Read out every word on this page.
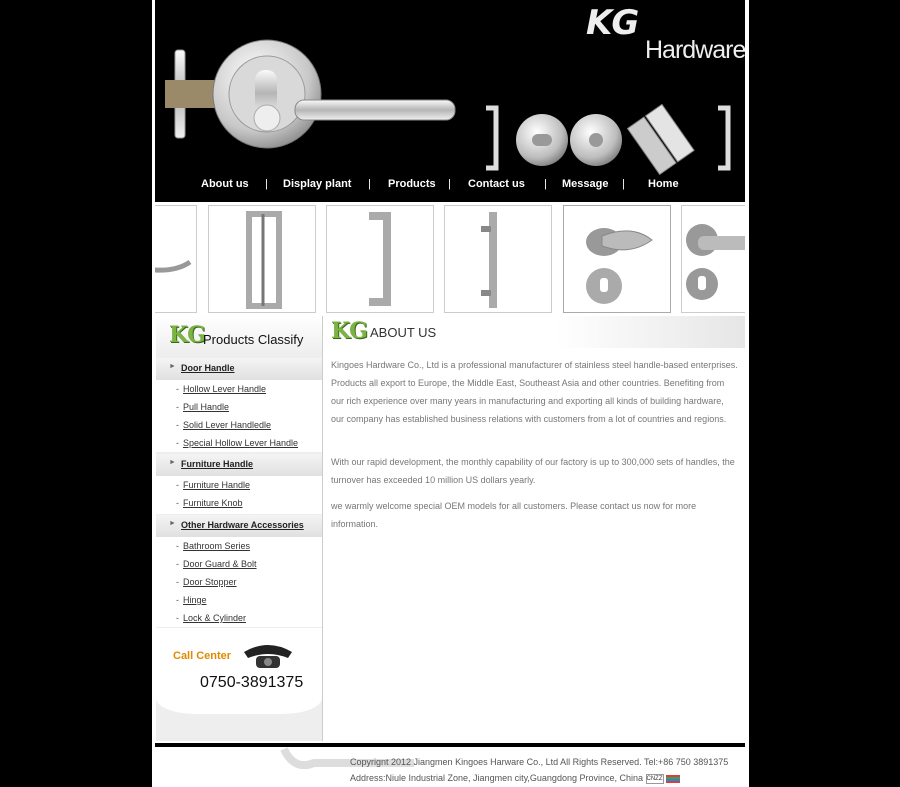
KG
Hardware
About us | Display plant | Products | Contact us | Message | Home
KG
Products Classify
► Door Handle
- Hollow Lever Handle
- Pull Handle
- Solid Lever Handledle
- Special Hollow Lever Handle
► Furniture Handle
- Furniture Handle
- Furniture Knob
► Other Hardware Accessories
- Bathroom Series
- Door Guard & Bolt
- Door Stopper
- Hinge
- Lock & Cylinder
Call Center
0750-3891375
KG ABOUT US

Kingoes Hardware Co., Ltd is a professional manufacturer of stainless steel handle-based enterprises. Products all export to Europe, the Middle East, Southeast Asia and other countries. Benefiting from our rich experience over many years in manufacturing and exporting all kinds of building hardware, our company has established business relations with customers from a lot of countries and regions.

With our rapid development, the monthly capability of our factory is up to 300,000 sets of handles, the turnover has exceeded 10 million US dollars yearly.

we warmly welcome special OEM models for all customers. Please contact us now for more information.

Copyrignt 2012 Jiangmen Kingoes Harware Co., Ltd All Rights Reserved. Tel:+86 750 3891375
Address:Niule Industrial Zone, Jiangmen city,Guangdong Province, China CNZZ
